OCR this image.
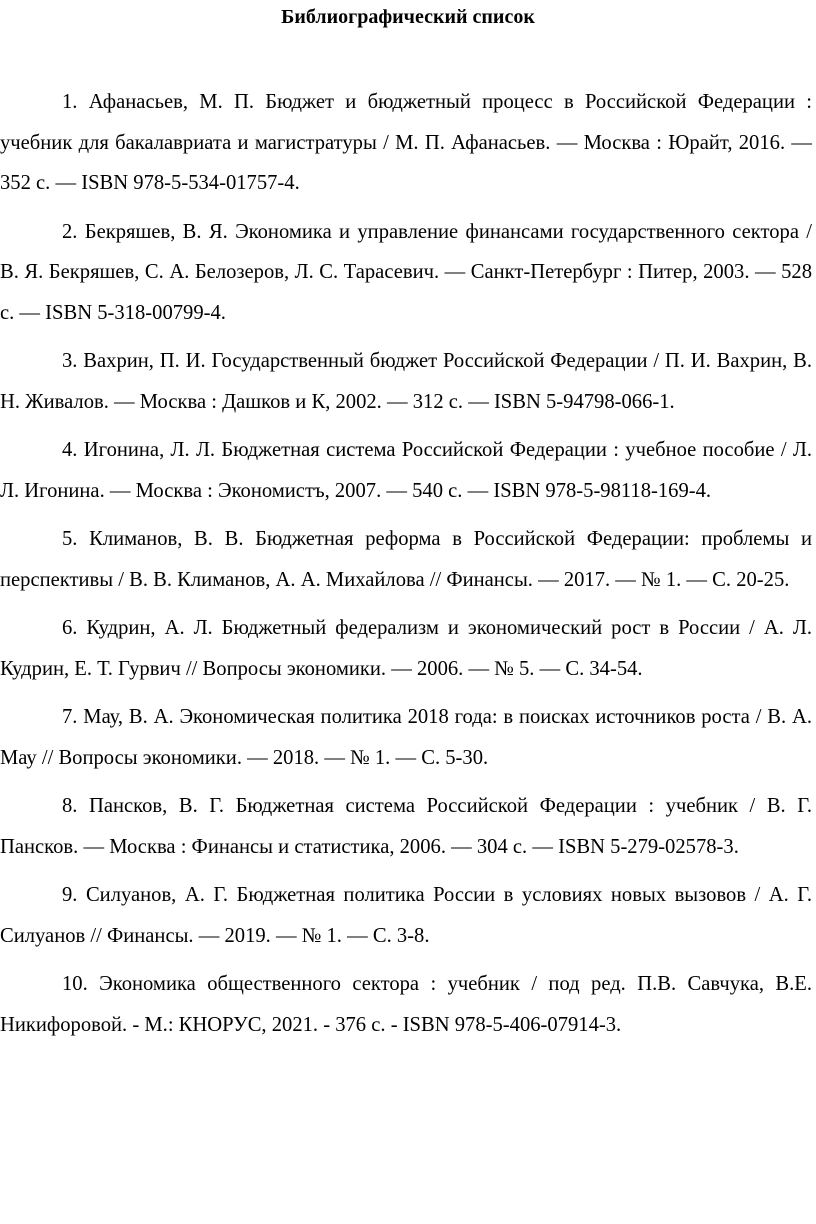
Библиографический список
1. Афанасьев, М. П. Бюджет и бюджетный процесс в Российской Федерации : учебник для бакалавриата и магистратуры / М. П. Афанасьев. — Москва : Юрайт, 2016. — 352 с. — ISBN 978-5-534-01757-4.
2. Бекряшев, В. Я. Экономика и управление финансами государственного сектора / В. Я. Бекряшев, С. А. Белозеров, Л. С. Тарасевич. — Санкт-Петербург : Питер, 2003. — 528 с. — ISBN 5-318-00799-4.
3. Вахрин, П. И. Государственный бюджет Российской Федерации / П. И. Вахрин, В. Н. Живалов. — Москва : Дашков и К, 2002. — 312 с. — ISBN 5-94798-066-1.
4. Игонина, Л. Л. Бюджетная система Российской Федерации : учебное пособие / Л. Л. Игонина. — Москва : Экономистъ, 2007. — 540 с. — ISBN 978-5-98118-169-4.
5. Климанов, В. В. Бюджетная реформа в Российской Федерации: проблемы и перспективы / В. В. Климанов, А. А. Михайлова // Финансы. — 2017. — № 1. — С. 20-25.
6. Кудрин, А. Л. Бюджетный федерализм и экономический рост в России / А. Л. Кудрин, Е. Т. Гурвич // Вопросы экономики. — 2006. — № 5. — С. 34-54.
7. Мау, В. А. Экономическая политика 2018 года: в поисках источников роста / В. А. Мау // Вопросы экономики. — 2018. — № 1. — С. 5-30.
8. Пансков, В. Г. Бюджетная система Российской Федерации : учебник / В. Г. Пансков. — Москва : Финансы и статистика, 2006. — 304 с. — ISBN 5-279-02578-3.
9. Силуанов, А. Г. Бюджетная политика России в условиях новых вызовов / А. Г. Силуанов // Финансы. — 2019. — № 1. — С. 3-8.
10. Экономика общественного сектора : учебник / под ред. П.В. Савчука, В.Е. Никифоровой. - М.: КНОРУС, 2021. - 376 с. - ISBN 978-5-406-07914-3.
